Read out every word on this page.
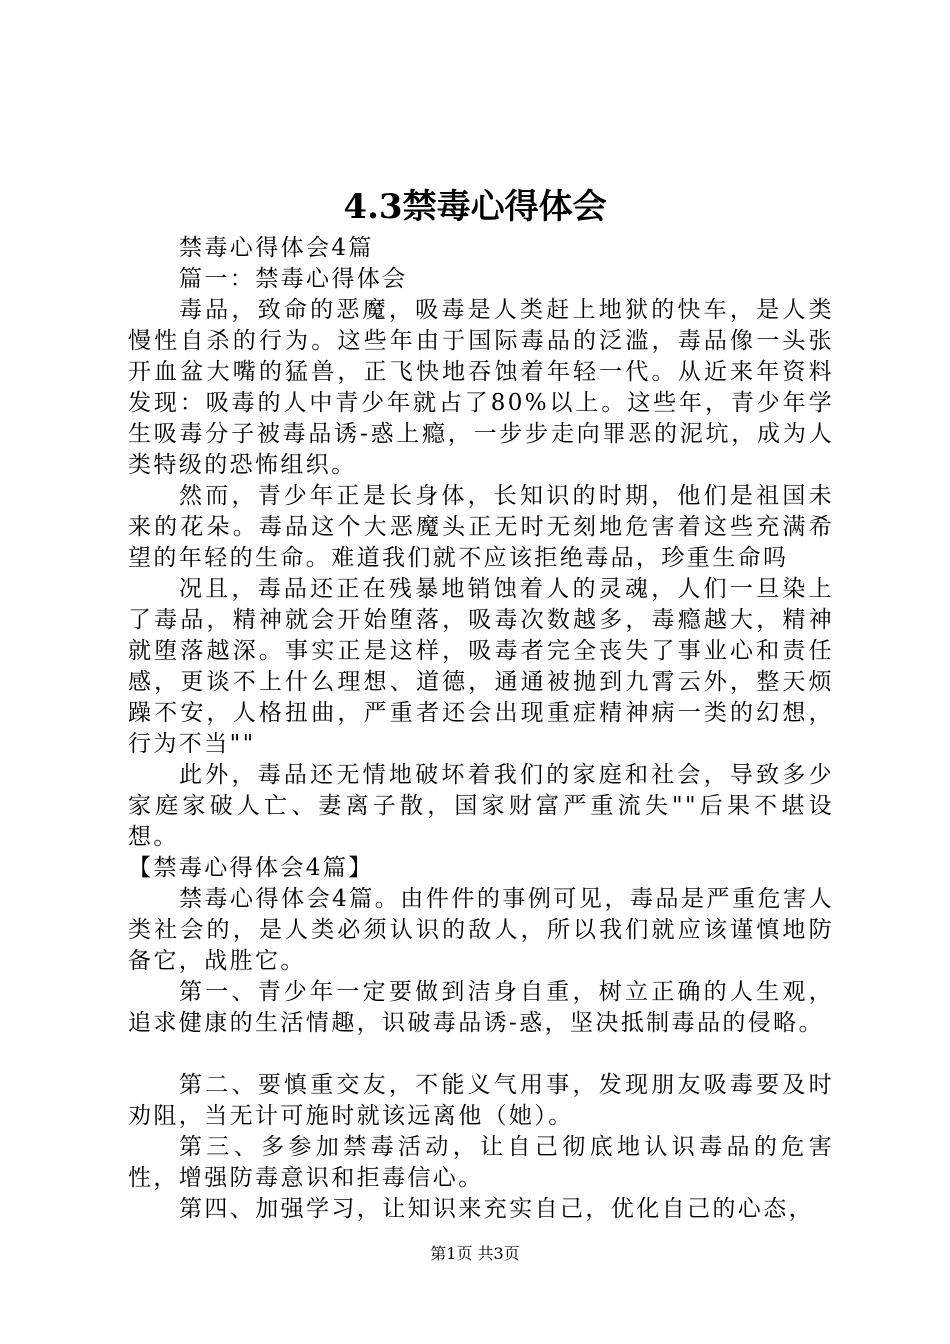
4.3禁毒心得体会

禁毒心得体会4篇

篇一：禁毒心得体会

毒品，致命的恶魔，吸毒是人类赶上地狱的快车，是人类慢性自杀的行为。这些年由于国际毒品的泛滥，毒品像一头张开血盆大嘴的猛兽，正飞快地吞蚀着年轻一代。从近来年资料发现：吸毒的人中青少年就占了80%以上。这些年，青少年学生吸毒分子被毒品诱-惑上瘾，一步步走向罪恶的泥坑，成为人类特级的恐怖组织。

然而，青少年正是长身体，长知识的时期，他们是祖国未来的花朵。毒品这个大恶魔头正无时无刻地危害着这些充满希望的年轻的生命。难道我们就不应该拒绝毒品，珍重生命吗

况且，毒品还正在残暴地销蚀着人的灵魂，人们一旦染上了毒品，精神就会开始堕落，吸毒次数越多，毒瘾越大，精神就堕落越深。事实正是这样，吸毒者完全丧失了事业心和责任感，更谈不上什么理想、道德，通通被抛到九霄云外，整天烦躁不安，人格扭曲，严重者还会出现重症精神病一类的幻想，行为不当""

此外，毒品还无情地破坏着我们的家庭和社会，导致多少家庭家破人亡、妻离子散，国家财富严重流失""后果不堪设想。

【禁毒心得体会4篇】

禁毒心得体会4篇。由件件的事例可见，毒品是严重危害人类社会的，是人类必须认识的敌人，所以我们就应该谨慎地防备它，战胜它。

第一、青少年一定要做到洁身自重，树立正确的人生观，追求健康的生活情趣，识破毒品诱-惑，坚决抵制毒品的侵略。

第二、要慎重交友，不能义气用事，发现朋友吸毒要及时劝阻，当无计可施时就该远离他（她）。

第三、多参加禁毒活动，让自己彻底地认识毒品的危害性，增强防毒意识和拒毒信心。

第四、加强学习，让知识来充实自己，优化自己的心态，

第1页 共3页
